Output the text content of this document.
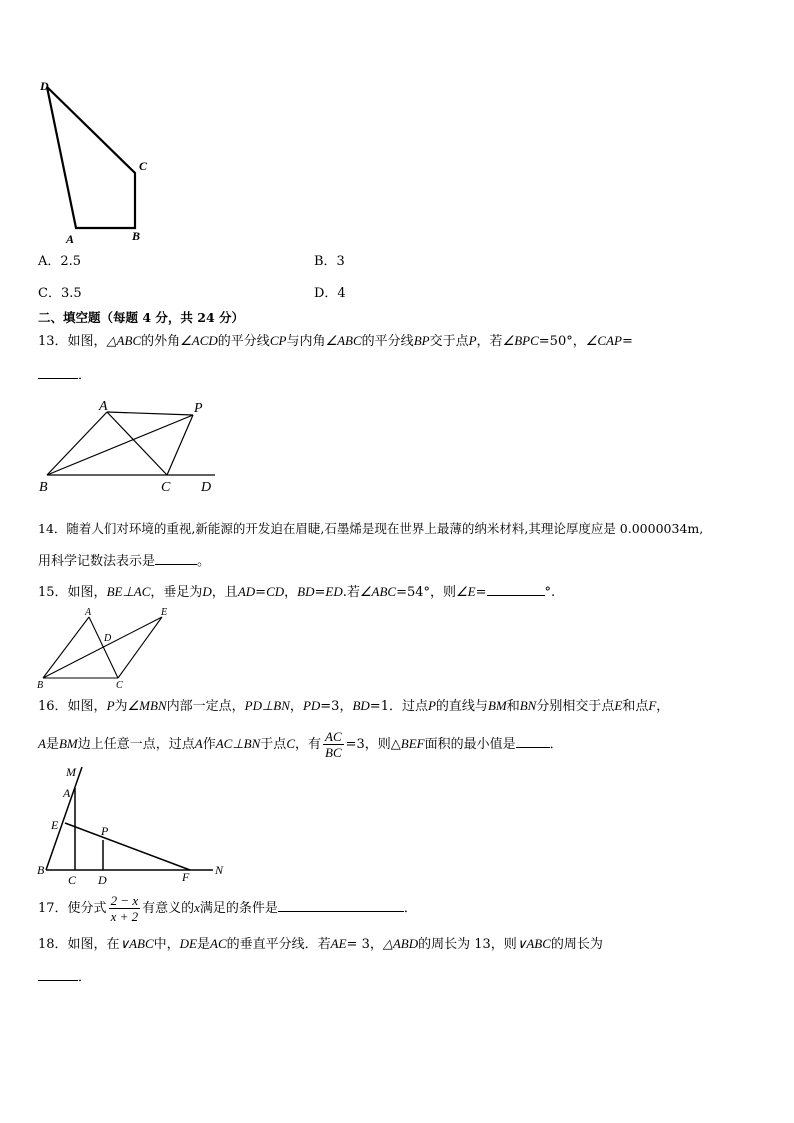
D
C
A	B
A．2.5	B．3
C．3.5	D．4
二、填空题（每题 4 分，共 24 分）
13．如图，△ABC的外角∠ACD的平分线CP与内角∠ABC的平分线BP交于点P，若∠BPC=50°，∠CAP=
．
A	P
B	C D
14．随着人们对环境的重视,新能源的开发迫在眉睫,石墨烯是现在世界上最薄的纳米材料,其理论厚度应是 0.0000034m,
用科学记数法表示是	。
15．如图，BE⊥AC，垂足为D，且AD=CD，BD=ED.若∠ABC=54°，则∠E=	°.
A	E
D
B	C
16．如图，P为∠MBN内部一定点，PD⊥BN，PD=3，BD=1．过点P的直线与BM和BN分别相交于点E和点F，
A是BM边上任意一点，过点A作AC⊥BN于点C，有 $\frac{AC}{BC} =3$，则△BEF面积的最小值是	．
M
A
E	P
B
C D	F N
17．使分式 $\frac{2 - x}{x + 2}$ 有意义的x满足的条件是	．
18．如图，在∨ABC中，DE是AC的垂直平分线．若AE= 3，△ABD的周长为 13，则∨ABC的周长为
．
